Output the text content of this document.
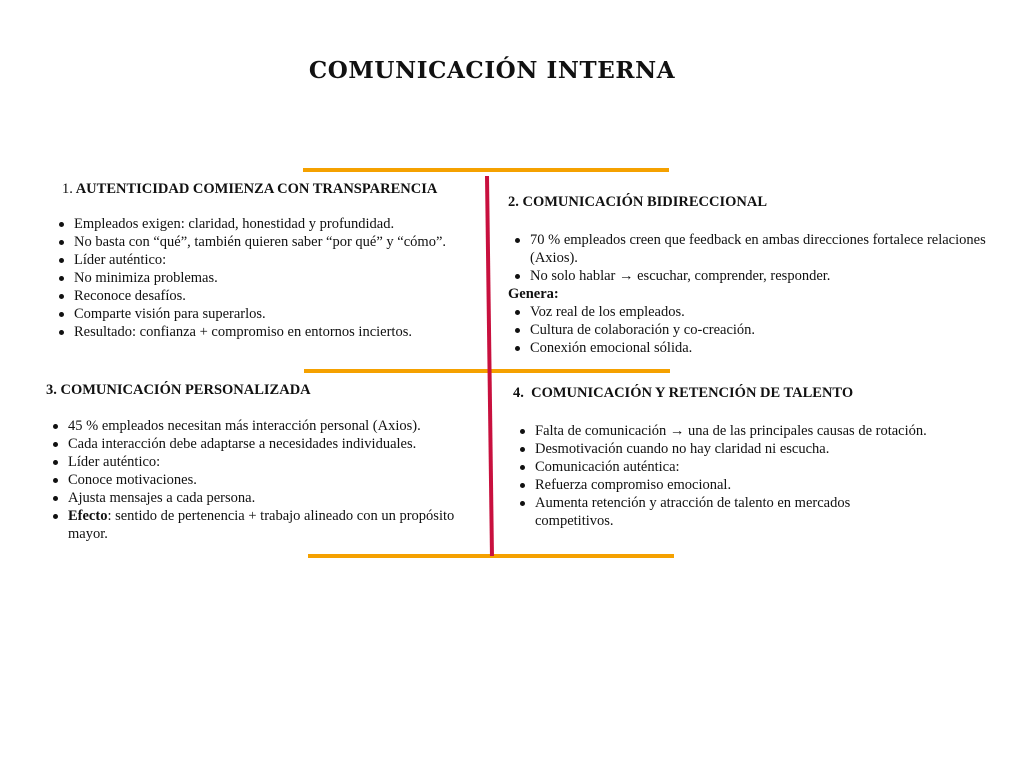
COMUNICACIÓN INTERNA

1. AUTENTICIDAD COMIENZA CON TRANSPARENCIA

Empleados exigen: claridad, honestidad y profundidad.
No basta con “qué”, también quieren saber “por qué” y “cómo”.
Líder auténtico:
No minimiza problemas.
Reconoce desafíos.
Comparte visión para superarlos.
Resultado: confianza + compromiso en entornos inciertos.

2. COMUNICACIÓN BIDIRECCIONAL

70 % empleados creen que feedback en ambas direcciones fortalece relaciones (Axios).
No solo hablar → escuchar, comprender, responder.
Genera:
Voz real de los empleados.
Cultura de colaboración y co-creación.
Conexión emocional sólida.

3. COMUNICACIÓN PERSONALIZADA

45 % empleados necesitan más interacción personal (Axios).
Cada interacción debe adaptarse a necesidades individuales.
Líder auténtico:
Conoce motivaciones.
Ajusta mensajes a cada persona.
Efecto: sentido de pertenencia + trabajo alineado con un propósito mayor.

4. COMUNICACIÓN Y RETENCIÓN DE TALENTO

Falta de comunicación → una de las principales causas de rotación.
Desmotivación cuando no hay claridad ni escucha.
Comunicación auténtica:
Refuerza compromiso emocional.
Aumenta retención y atracción de talento en mercados competitivos.
